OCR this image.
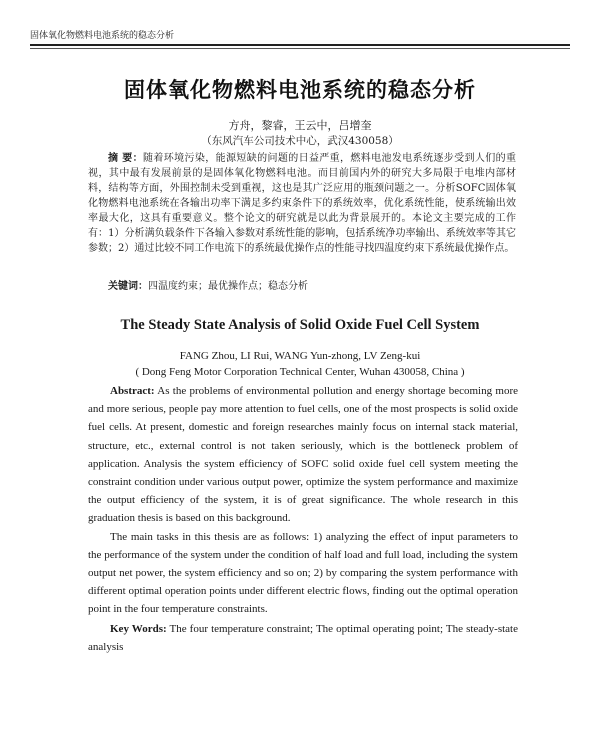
固体氧化物燃料电池系统的稳态分析
固体氧化物燃料电池系统的稳态分析
方舟，黎睿，王云中，吕增奎
（东风汽车公司技术中心，武汉430058）
摘 要：随着环境污染，能源短缺的问题的日益严重，燃料电池发电系统逐步受到人们的重视，其中最有发展前景的是固体氧化物燃料电池。而目前国内外的研究大多局限于电堆内部材料，结构等方面，外围控制未受到重视，这也是其广泛应用的瓶颈问题之一。分析SOFC固体氧化物燃料电池系统在各输出功率下满足多约束条件下的系统效率，优化系统性能，使系统输出效率最大化，这具有重要意义。整个论文的研究就是以此为背景展开的。本论文主要完成的工作有：1）分析满负载条件下各输入参数对系统性能的影响，包括系统净功率输出、系统效率等其它参数；2）通过比较不同工作电流下的系统最优操作点的性能寻找四温度约束下系统最优操作点。
关键词：四温度约束；最优操作点；稳态分析
The Steady State Analysis of Solid Oxide Fuel Cell System
FANG Zhou, LI Rui, WANG Yun-zhong, LV Zeng-kui
( Dong Feng Motor Corporation Technical Center, Wuhan 430058, China )

Abstract: As the problems of environmental pollution and energy shortage becoming more and more serious, people pay more attention to fuel cells, one of the most prospects is solid oxide fuel cells. At present, domestic and foreign researches mainly focus on internal stack material, structure, etc., external control is not taken seriously, which is the bottleneck problem of application. Analysis the system efficiency of SOFC solid oxide fuel cell system meeting the constraint condition under various output power, optimize the system performance and maximize the output efficiency of the system, it is of great significance. The whole research in this graduation thesis is based on this background.

The main tasks in this thesis are as follows: 1) analyzing the effect of input parameters to the performance of the system under the condition of half load and full load, including the system output net power, the system efficiency and so on; 2) by comparing the system performance with different optimal operation points under different electric flows, finding out the optimal operation point in the four temperature constraints.

Key Words: The four temperature constraint; The optimal operating point; The steady-state analysis
